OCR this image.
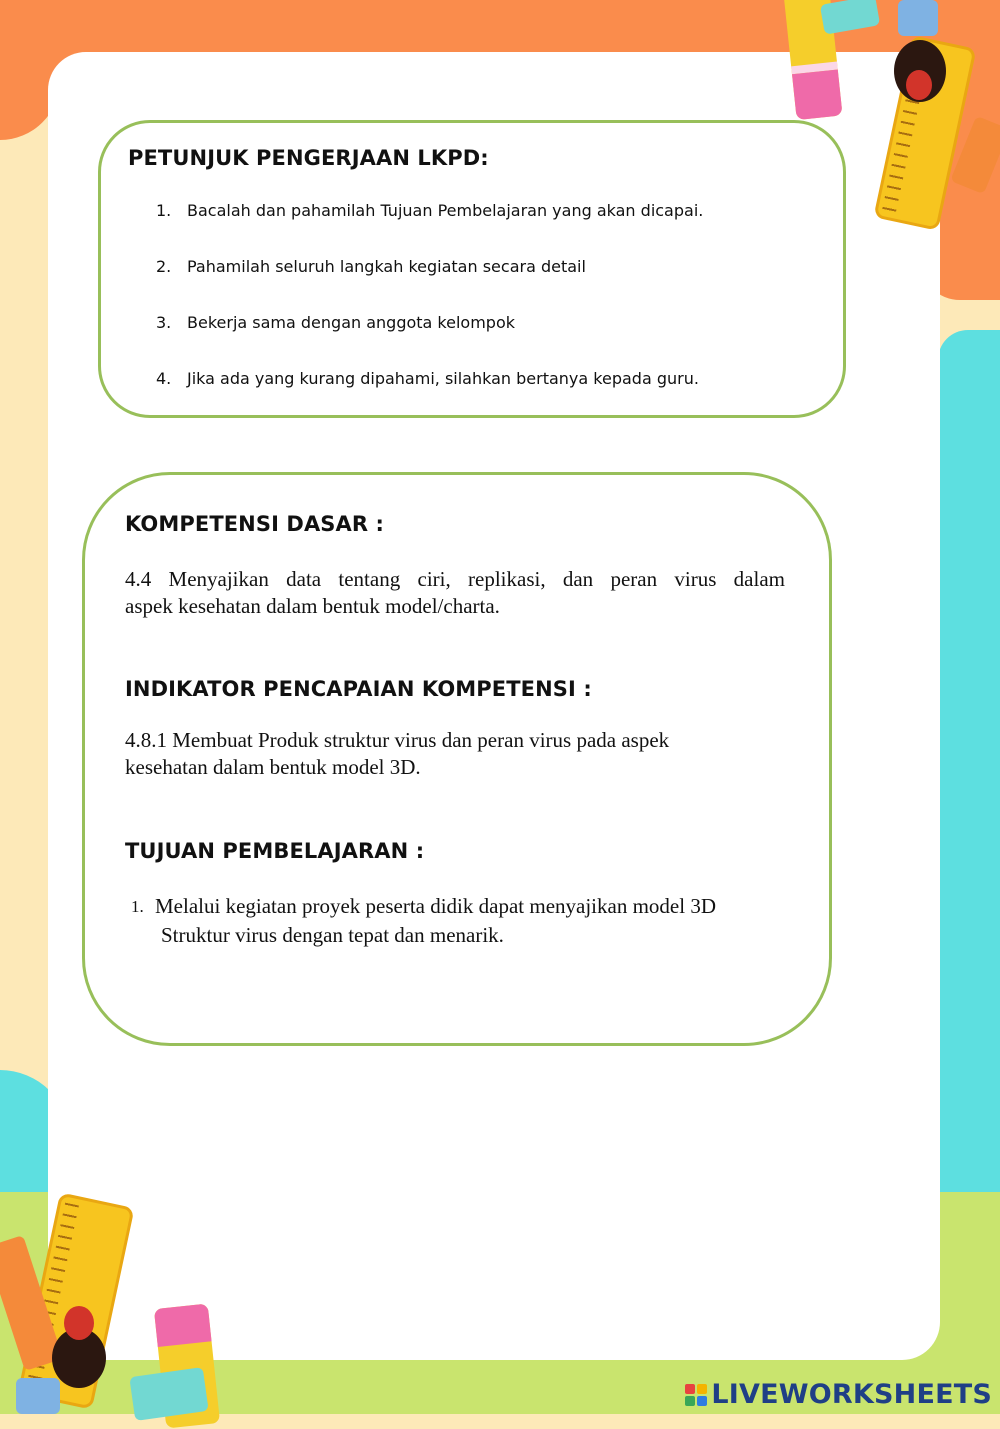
PETUNJUK PENGERJAAN LKPD:
1. Bacalah dan pahamilah Tujuan Pembelajaran yang akan dicapai.
2. Pahamilah seluruh langkah kegiatan secara detail
3. Bekerja sama dengan anggota kelompok
4. Jika ada yang kurang dipahami, silahkan bertanya kepada guru.
KOMPETENSI DASAR :

4.4 Menyajikan data tentang ciri, replikasi, dan peran virus dalam

aspek kesehatan dalam bentuk model/charta.

INDIKATOR PENCAPAIAN KOMPETENSI :

4.8.1 Membuat Produk struktur virus dan peran virus pada aspek

kesehatan dalam bentuk model 3D.

TUJUAN PEMBELAJARAN :

1. Melalui kegiatan proyek peserta didik dapat menyajikan model 3D

Struktur virus dengan tepat dan menarik.

LIVEWORKSHEETS
